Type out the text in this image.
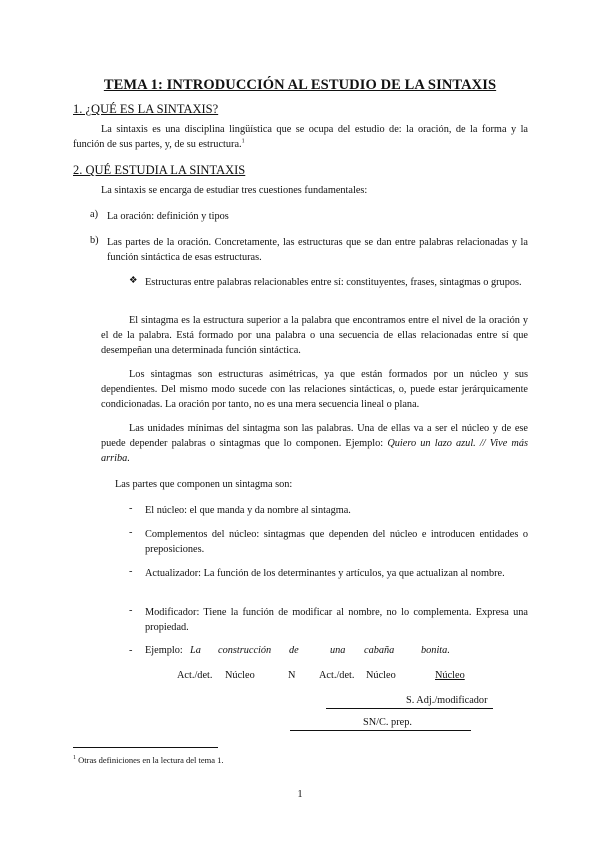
TEMA 1: INTRODUCCIÓN AL ESTUDIO DE LA SINTAXIS
1. ¿QUÉ ES LA SINTAXIS?
La sintaxis es una disciplina lingüística que se ocupa del estudio de: la oración, de la forma y la función de sus partes, y, de su estructura.$^1$
2. QUÉ ESTUDIA LA SINTAXIS
La sintaxis se encarga de estudiar tres cuestiones fundamentales:
a) La oración: definición y tipos
b) Las partes de la oración. Concretamente, las estructuras que se dan entre palabras relacionadas y la función sintáctica de esas estructuras.
❖ Estructuras entre palabras relacionables entre sí: constituyentes, frases, sintagmas o grupos.
El sintagma es la estructura superior a la palabra que encontramos entre el nivel de la oración y el de la palabra. Está formado por una palabra o una secuencia de ellas relacionadas entre sí que desempeñan una determinada función sintáctica.
Los sintagmas son estructuras asimétricas, ya que están formados por un núcleo y sus dependientes. Del mismo modo sucede con las relaciones sintácticas, o, puede estar jerárquicamente condicionadas. La oración por tanto, no es una mera secuencia lineal o plana.
Las unidades mínimas del sintagma son las palabras. Una de ellas va a ser el núcleo y de ese puede depender palabras o sintagmas que lo componen. Ejemplo: Quiero un lazo azul. // Vive más arriba.
Las partes que componen un sintagma son:
- El núcleo: el que manda y da nombre al sintagma.
- Complementos del núcleo: sintagmas que dependen del núcleo e introducen entidades o preposiciones.
- Actualizador: La función de los determinantes y artículos, ya que actualizan al nombre.
- Modificador: Tiene la función de modificar al nombre, no lo complementa. Expresa una propiedad.
- Ejemplo: La construcción de	una cabaña	bonita.
Act./det. Núcleo	N Act./det. Núcleo	Núcleo
S. Adj./modificador
SN/C. prep.
$^1$ Otras definiciones en la lectura del tema 1.
1
